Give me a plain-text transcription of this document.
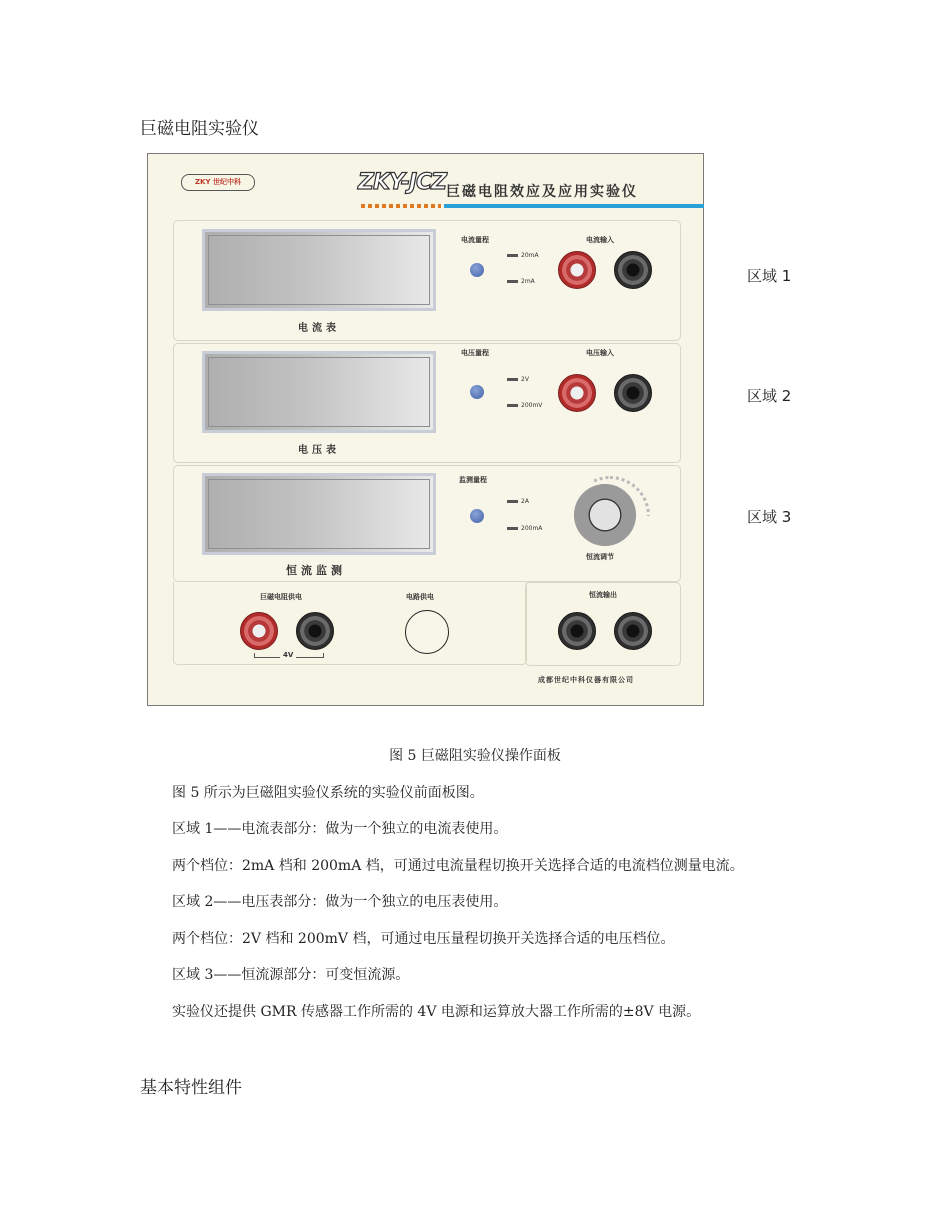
巨磁电阻实验仪
ZKY 世纪中科	ZKY-JCZ 巨磁电阻效应及应用实验仪
电流表
电流量程
20mA
2mA
电流输入
电压表
电压量程
2V
200mV
电压输入
恒流监测
监测量程
2A
200mA
恒流调节
巨磁电阻供电
4V
电路供电	恒流输出
成都世纪中科仪器有限公司
区域 1
区域 2
区域 3
图 5 巨磁阻实验仪操作面板
图 5 所示为巨磁阻实验仪系统的实验仪前面板图。
区域 1——电流表部分：做为一个独立的电流表使用。
两个档位：2mA 档和 200mA 档，可通过电流量程切换开关选择合适的电流档位测量电流。
区域 2——电压表部分：做为一个独立的电压表使用。
两个档位：2V 档和 200mV 档，可通过电压量程切换开关选择合适的电压档位。
区域 3——恒流源部分：可变恒流源。
实验仪还提供 GMR 传感器工作所需的 4V 电源和运算放大器工作所需的±8V 电源。
基本特性组件
